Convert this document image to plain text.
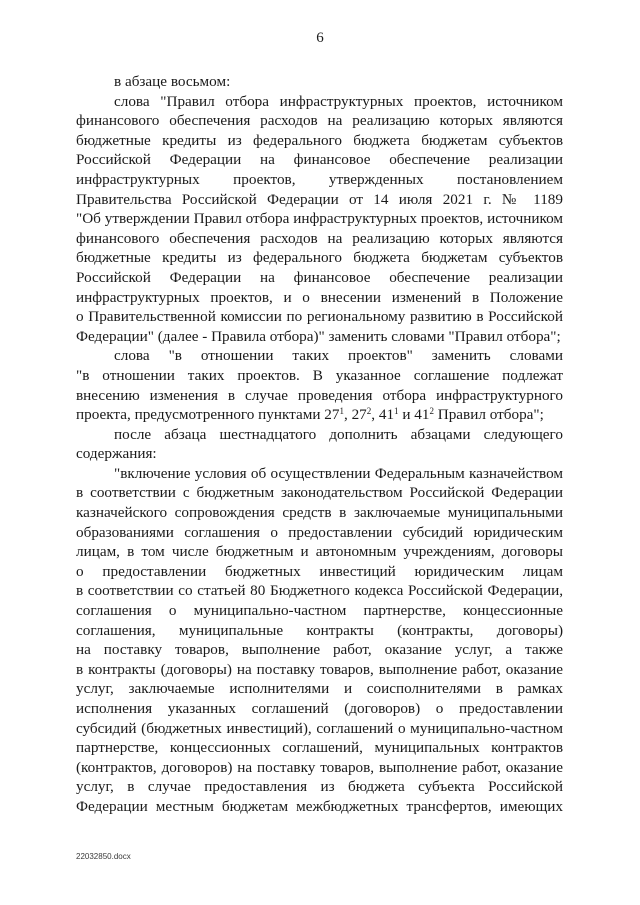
6
в абзаце восьмом:
слова "Правил отбора инфраструктурных проектов, источником
финансового обеспечения расходов на реализацию которых являются
бюджетные кредиты из федерального бюджета бюджетам субъектов
Российской Федерации на финансовое обеспечение реализации
инфраструктурных проектов, утвержденных постановлением
Правительства Российской Федерации от 14 июля 2021 г. № 1189
"Об утверждении Правил отбора инфраструктурных проектов, источником
финансового обеспечения расходов на реализацию которых являются
бюджетные кредиты из федерального бюджета бюджетам субъектов
Российской Федерации на финансовое обеспечение реализации
инфраструктурных проектов, и о внесении изменений в Положение
о Правительственной комиссии по региональному развитию в Российской
Федерации" (далее - Правила отбора)" заменить словами "Правил отбора";
слова "в отношении таких проектов" заменить словами
"в отношении таких проектов. В указанное соглашение подлежат
внесению изменения в случае проведения отбора инфраструктурного
проекта, предусмотренного пунктами $27^1$, $27^2$, $41^1$ и $41^2$ Правил отбора";
после абзаца шестнадцатого дополнить абзацами следующего
содержания:
"включение условия об осуществлении Федеральным казначейством
в соответствии с бюджетным законодательством Российской Федерации
казначейского сопровождения средств в заключаемые муниципальными
образованиями соглашения о предоставлении субсидий юридическим
лицам, в том числе бюджетным и автономным учреждениям, договоры
о предоставлении бюджетных инвестиций юридическим лицам
в соответствии со статьей 80 Бюджетного кодекса Российской Федерации,
соглашения о муниципально-частном партнерстве, концессионные
соглашения, муниципальные контракты (контракты, договоры)
на поставку товаров, выполнение работ, оказание услуг, а также
в контракты (договоры) на поставку товаров, выполнение работ, оказание
услуг, заключаемые исполнителями и соисполнителями в рамках
исполнения указанных соглашений (договоров) о предоставлении
субсидий (бюджетных инвестиций), соглашений о муниципально-частном
партнерстве, концессионных соглашений, муниципальных контрактов
(контрактов, договоров) на поставку товаров, выполнение работ, оказание
услуг, в случае предоставления из бюджета субъекта Российской
Федерации местным бюджетам межбюджетных трансфертов, имеющих
22032850.docx
